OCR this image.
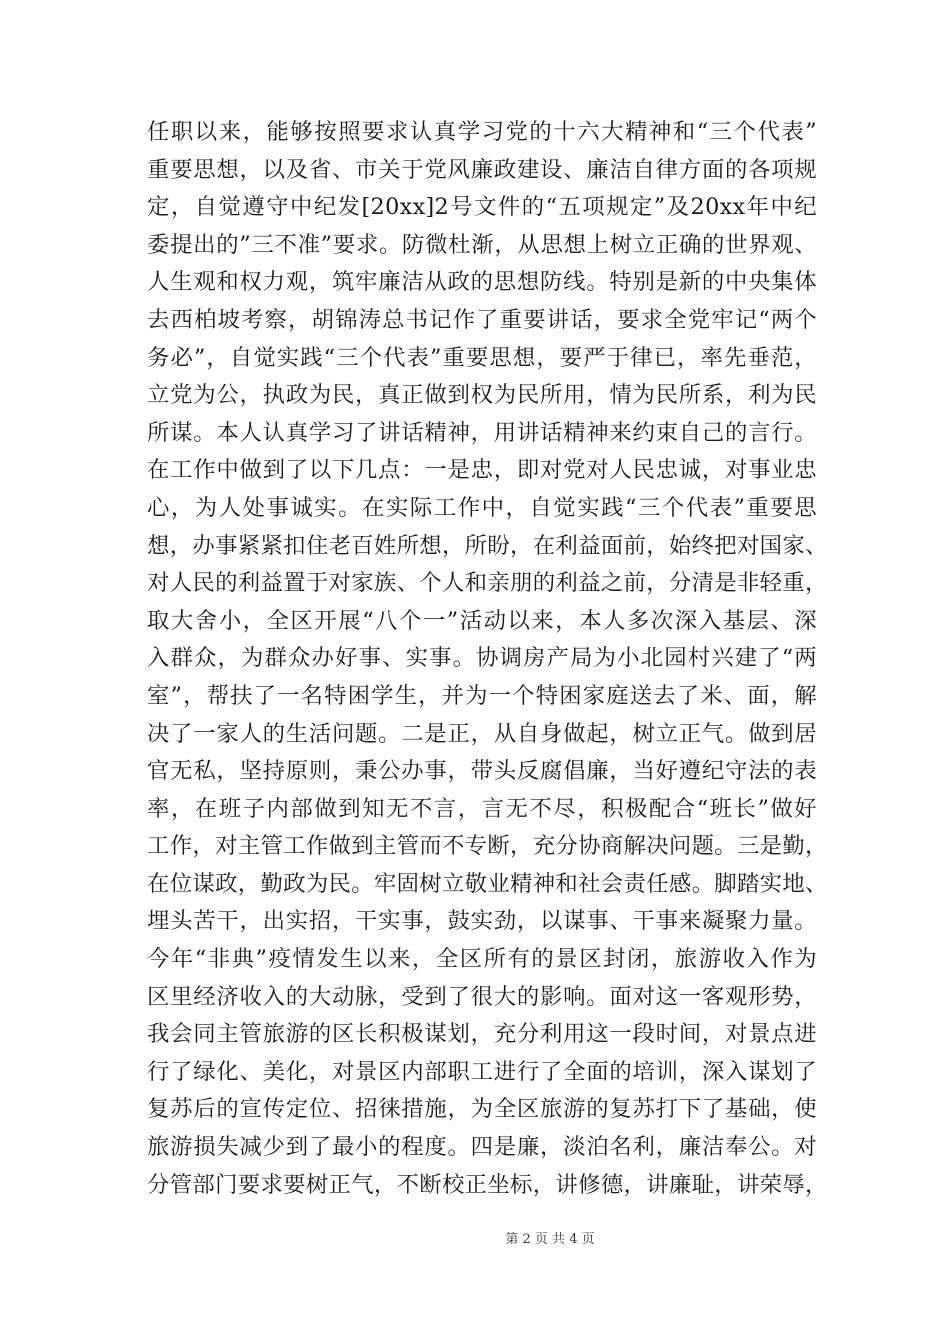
任职以来，能够按照要求认真学习党的十六大精神和“三个代表”
重要思想，以及省、市关于党风廉政建设、廉洁自律方面的各项规
定，自觉遵守中纪发[20xx]2号文件的“五项规定”及20xx年中纪
委提出的”三不准”要求。防微杜渐，从思想上树立正确的世界观、
人生观和权力观，筑牢廉洁从政的思想防线。特别是新的中央集体
去西柏坡考察，胡锦涛总书记作了重要讲话，要求全党牢记“两个
务必”，自觉实践“三个代表”重要思想，要严于律已，率先垂范，
立党为公，执政为民，真正做到权为民所用，情为民所系，利为民
所谋。本人认真学习了讲话精神，用讲话精神来约束自己的言行。
在工作中做到了以下几点：一是忠，即对党对人民忠诚，对事业忠
心，为人处事诚实。在实际工作中，自觉实践“三个代表”重要思
想，办事紧紧扣住老百姓所想，所盼，在利益面前，始终把对国家、
对人民的利益置于对家族、个人和亲朋的利益之前，分清是非轻重，
取大舍小，全区开展“八个一”活动以来，本人多次深入基层、深
入群众，为群众办好事、实事。协调房产局为小北园村兴建了“两
室”，帮扶了一名特困学生，并为一个特困家庭送去了米、面，解
决了一家人的生活问题。二是正，从自身做起，树立正气。做到居
官无私，坚持原则，秉公办事，带头反腐倡廉，当好遵纪守法的表
率，在班子内部做到知无不言，言无不尽，积极配合“班长”做好
工作，对主管工作做到主管而不专断，充分协商解决问题。三是勤，
在位谋政，勤政为民。牢固树立敬业精神和社会责任感。脚踏实地、
埋头苦干，出实招，干实事，鼓实劲，以谋事、干事来凝聚力量。
今年“非典”疫情发生以来，全区所有的景区封闭，旅游收入作为
区里经济收入的大动脉，受到了很大的影响。面对这一客观形势，
我会同主管旅游的区长积极谋划，充分利用这一段时间，对景点进
行了绿化、美化，对景区内部职工进行了全面的培训，深入谋划了
复苏后的宣传定位、招徕措施，为全区旅游的复苏打下了基础，使
旅游损失减少到了最小的程度。四是廉，淡泊名利，廉洁奉公。对
分管部门要求要树正气，不断校正坐标，讲修德，讲廉耻，讲荣辱，
第 2 页 共 4 页
